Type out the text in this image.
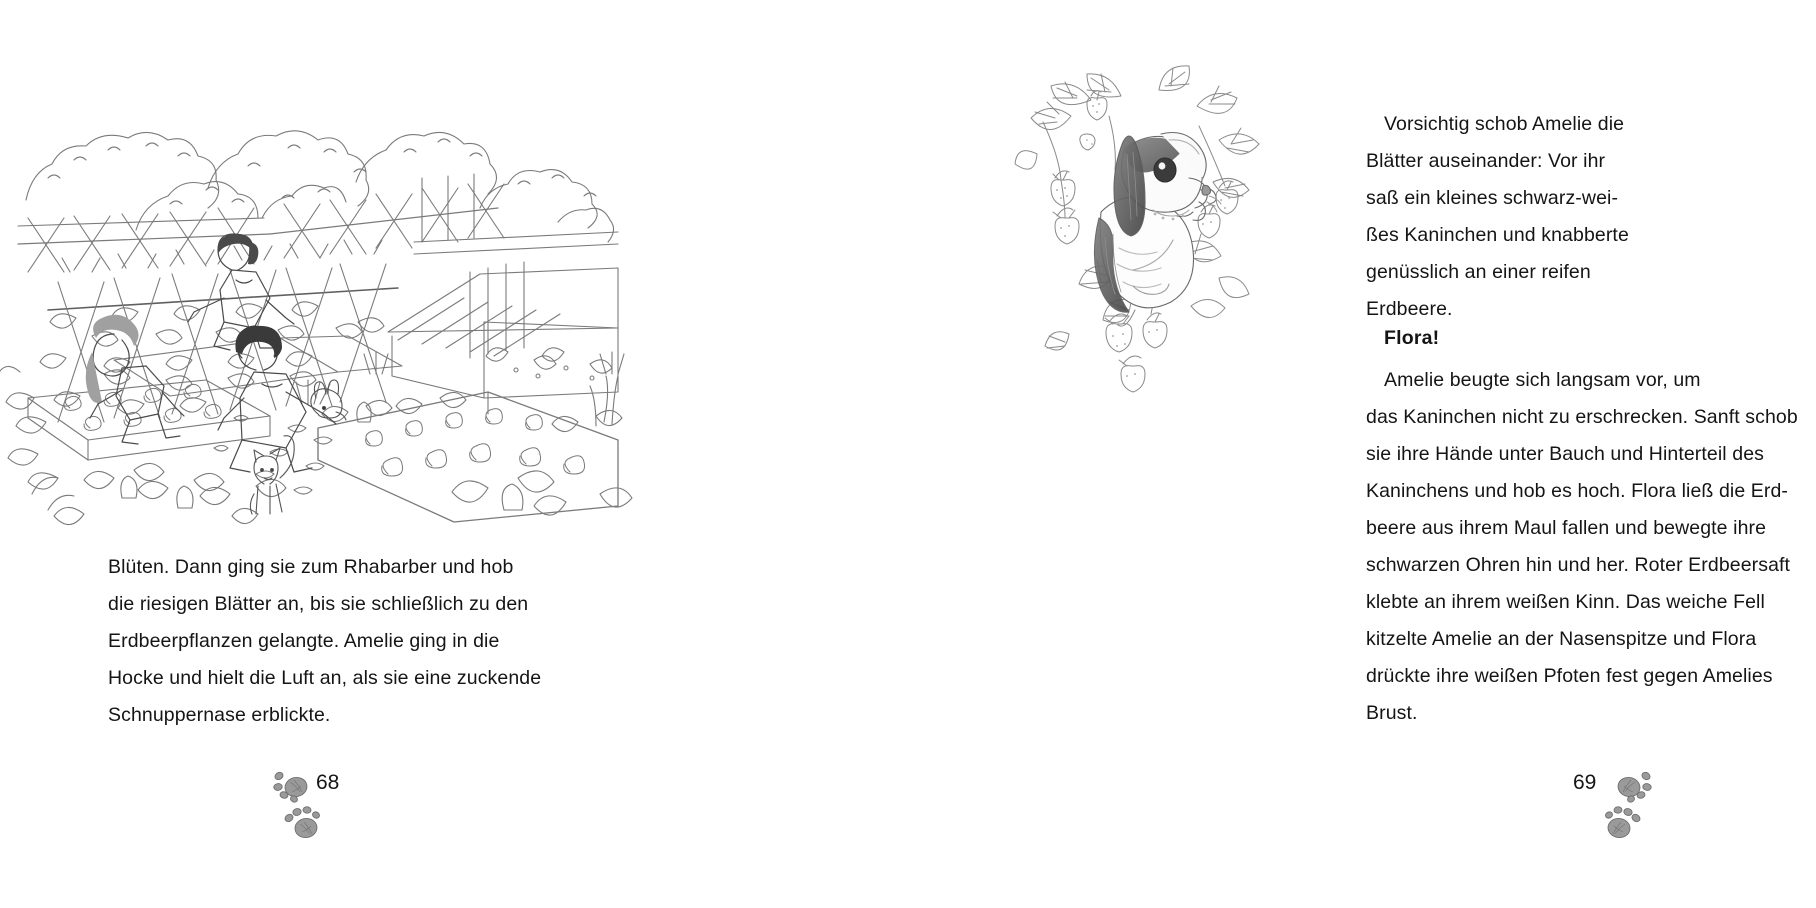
Blüten. Dann ging sie zum Rhabarber und hob
die riesigen Blätter an, bis sie schließlich zu den
Erdbeerpflanzen gelangte. Amelie ging in die
Hocke und hielt die Luft an, als sie eine zuckende
Schnuppernase erblickte.
68
Vorsichtig schob Amelie die
Blätter auseinander: Vor ihr
saß ein kleines schwarz-wei-
ßes Kaninchen und knabberte
genüsslich an einer reifen
Erdbeere.
Flora!
Amelie beugte sich langsam vor, um
das Kaninchen nicht zu erschrecken. Sanft schob
sie ihre Hände unter Bauch und Hinterteil des
Kaninchens und hob es hoch. Flora ließ die Erd-
beere aus ihrem Maul fallen und bewegte ihre
schwarzen Ohren hin und her. Roter Erdbeersaft
klebte an ihrem weißen Kinn. Das weiche Fell
kitzelte Amelie an der Nasenspitze und Flora
drückte ihre weißen Pfoten fest gegen Amelies
Brust.
69
